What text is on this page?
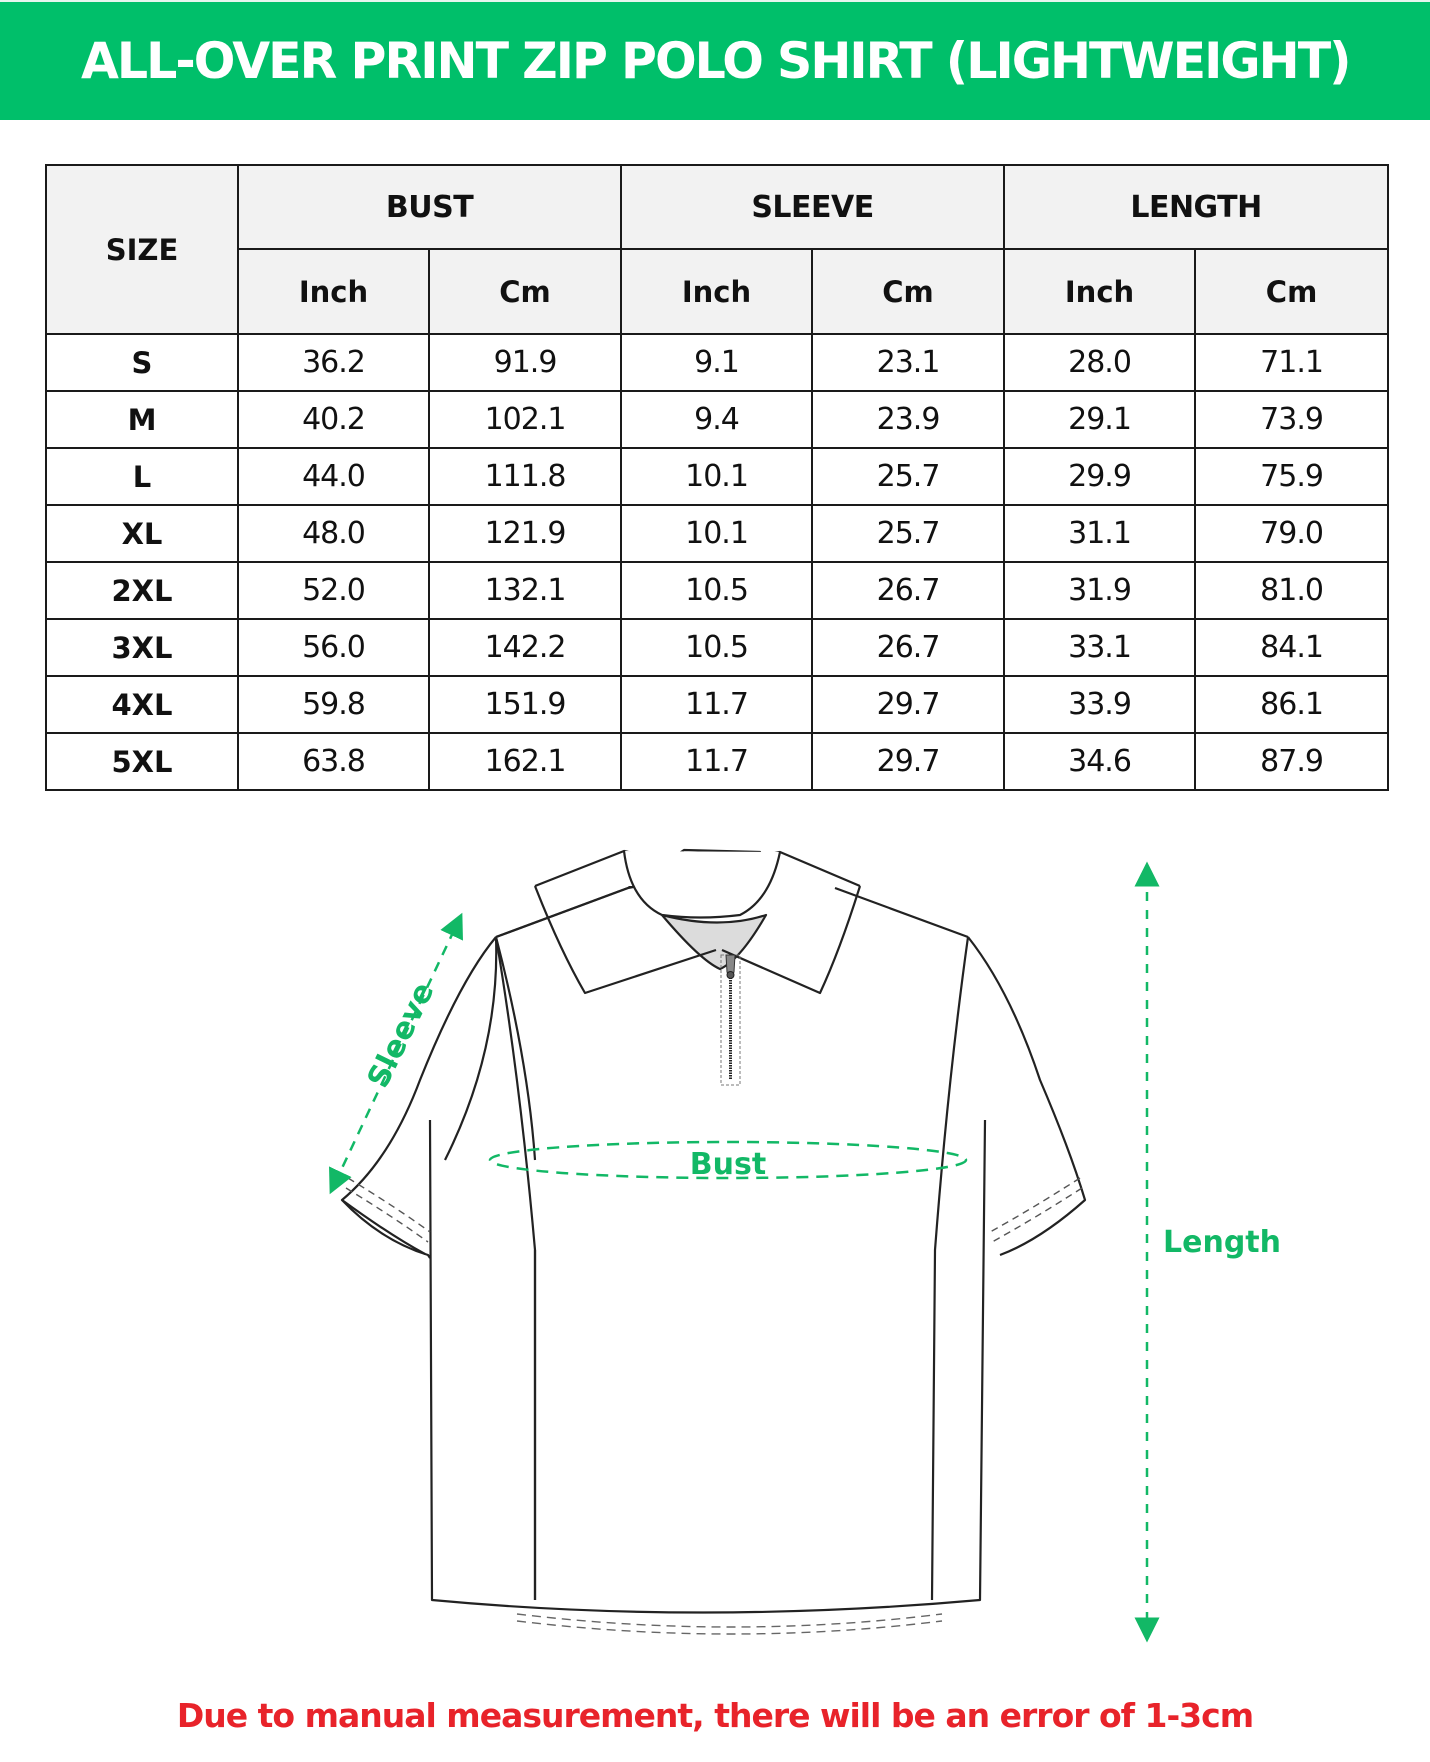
ALL-OVER PRINT ZIP POLO SHIRT (LIGHTWEIGHT)
SIZE	BUST		SLEEVE		LENGTH	
	Inch	Cm	Inch	Cm	Inch	Cm
S	36.2	91.9	9.1	23.1	28.0	71.1
M	40.2	102.1	9.4	23.9	29.1	73.9
L	44.0	111.8	10.1	25.7	29.9	75.9
XL	48.0	121.9	10.1	25.7	31.1	79.0
2XL	52.0	132.1	10.5	26.7	31.9	81.0
3XL	56.0	142.2	10.5	26.7	33.1	84.1
4XL	59.8	151.9	11.7	29.7	33.9	86.1
5XL	63.8	162.1	11.7	29.7	34.6	87.9
Sleeve
Bust
Length
Due to manual measurement, there will be an error of 1-3cm
